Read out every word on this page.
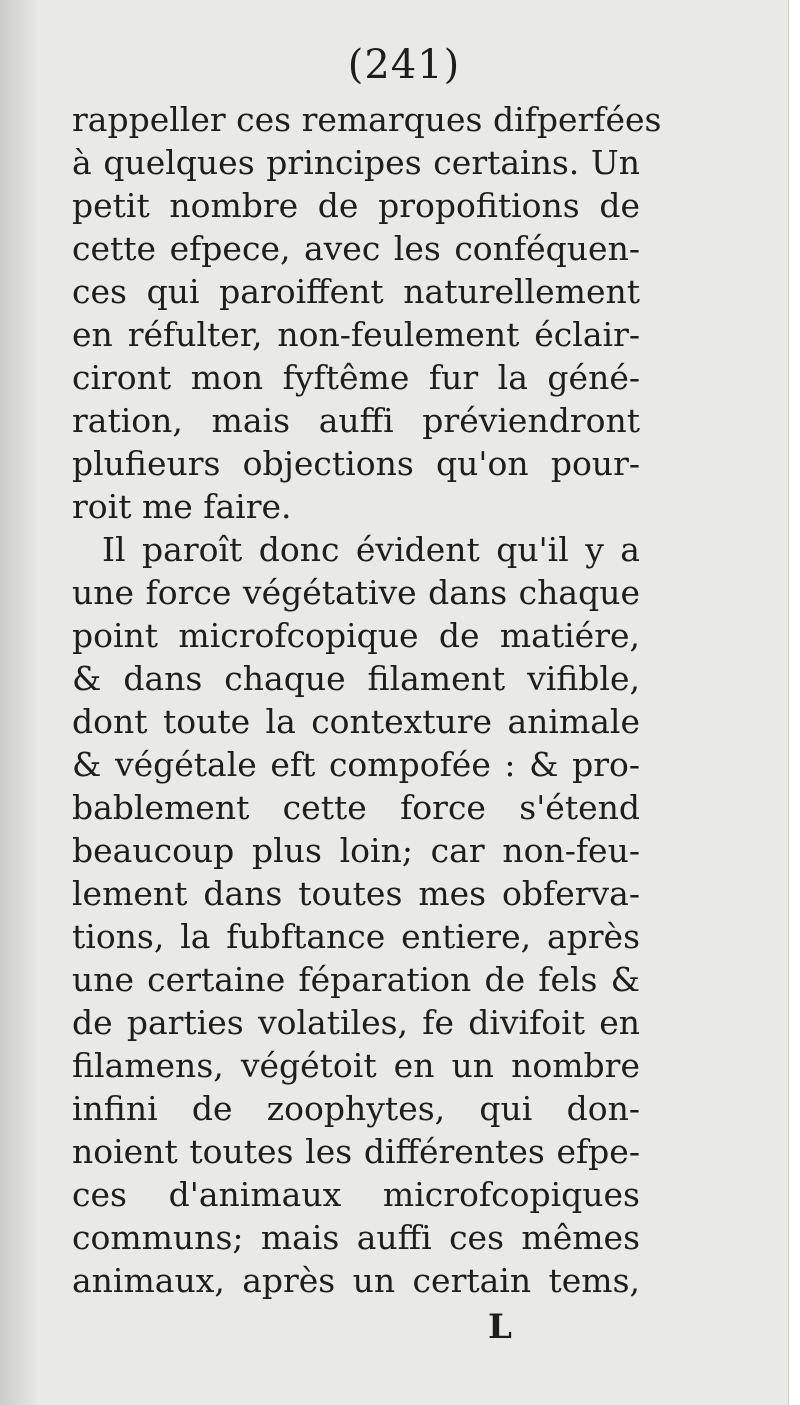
(241)
rappeller ces remarques difperfées
à quelques principes certains. Un
petit nombre de propofitions de
cette efpece, avec les conféquen-
ces qui paroiffent naturellement
en réfulter, non-feulement éclair-
ciront mon fyftême fur la géné-
ration, mais auffi préviendront
plufieurs objections qu'on pour-
roit me faire.
Il paroît donc évident qu'il y a
une force végétative dans chaque
point microfcopique de matiére,
& dans chaque filament vifible,
dont toute la contexture animale
& végétale eft compofée : & pro-
bablement cette force s'étend
beaucoup plus loin; car non-feu-
lement dans toutes mes obfervа-
tions, la fubftance entiere, après
une certaine féparation de fels &
de parties volatiles, fe divifoit en
filamens, végétoit en un nombre
infini de zoophytes, qui don-
noient toutes les différentes efpe-
ces d'animaux microfcopiques
communs; mais auffi ces mêmes
animaux, après un certain tems,
L
